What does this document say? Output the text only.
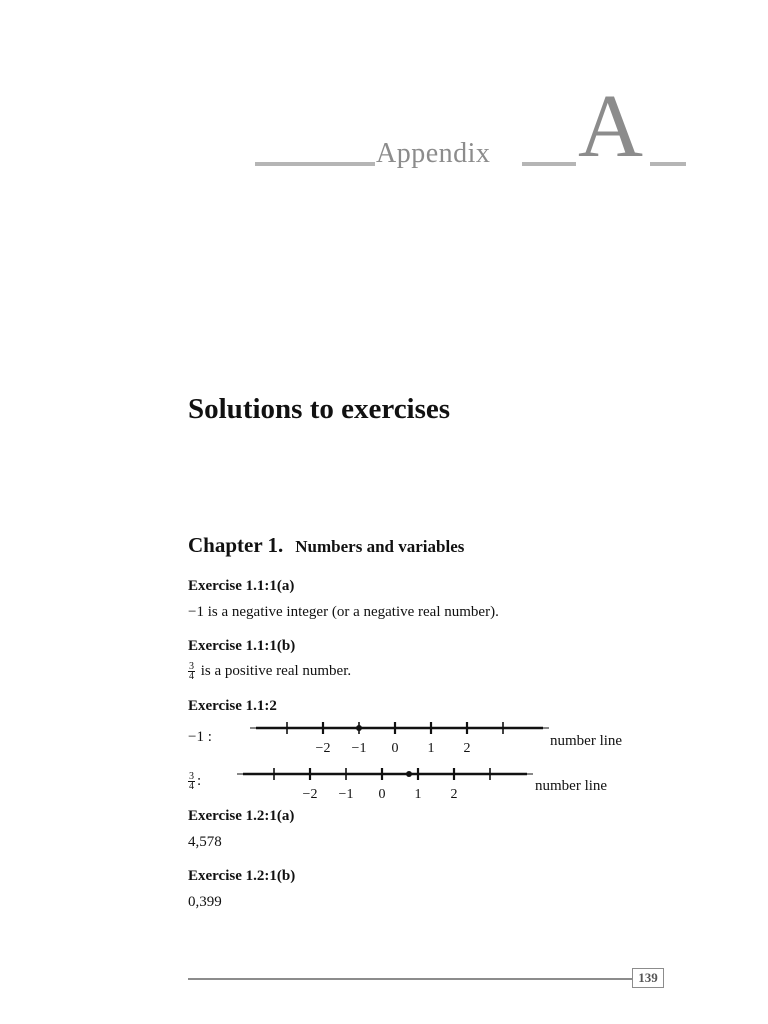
Appendix A
Solutions to exercises
Chapter 1. Numbers and variables
Exercise 1.1:1(a)
−1 is a negative integer (or a negative real number).
Exercise 1.1:1(b)
$\frac{3}{4}$ is a positive real number.
Exercise 1.1:2
−1 :
−2 −1 0 1 2	number line
$\frac{3}{4}$ :
−2 −1 0 1 2
number line
Exercise 1.2:1(a)
4,578
Exercise 1.2:1(b)
0,399
139
